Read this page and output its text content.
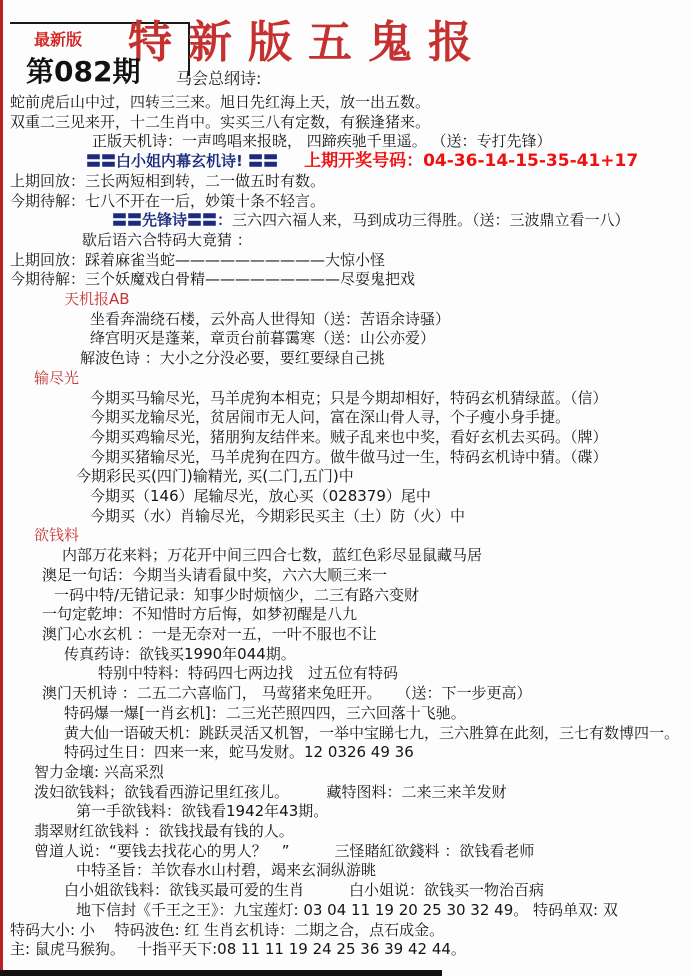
最新版 特新版五鬼报
第082期 马会总纲诗:
蛇前虎后山中过，四转三三来。旭日先红海上天，放一出五数。
双重二三见来开，十二生肖中。实买三八有定数，有猴逢猪来。
正版天机诗：一声鸣唱来报晓， 四蹄疾驰千里遥。 （送：专打先锋）
〓〓白小姐内幕玄机诗! 〓〓 上期开奖号码：04-36-14-15-35-41+17
上期回放：三长两短相到转，二一做五时有数。
今期待解：七八不开在一后，妙策十条不轻言。
〓〓先锋诗〓〓：三六四六福人来，马到成功三得胜。（送：三波鼎立看一八）
歇后语六合特码大竟猜 ：
上期回放：踩着麻雀当蛇——————————大惊小怪
今期待解：三个妖魔戏白骨精—————————尽耍鬼把戏
天机报AB
坐看奔湍绕石楼，云外高人世得知（送：苦语余诗骚）
绛宫明灭是蓬莱，章贡台前暮霭寒（送：山公亦爱）
解波色诗 ：大小之分没必要，要红要绿自己挑
输尽光
今期买马输尽光，马羊虎狗本相克；只是今期却相好，特码玄机猜绿蓝。（信）
今期买龙输尽光，贫居闹市无人问，富在深山骨人寻，个子瘦小身手捷。
今期买鸡输尽光，猪朋狗友结伴来。贼子乱来也中奖，看好玄机去买码。（牌）
今期买猪输尽光，马羊虎狗在四方。做牛做马过一生，特码玄机诗中猜。（碟）
今期彩民买(四门)输精光, 买(二门,五门)中
今期买（146）尾输尽光，放心买（028379）尾中
今期买（水）肖输尽光，今期彩民买主（土）防（火）中
欲钱料
内部万花来料；万花开中间三四合七数，蓝红色彩尽显鼠藏马居
澳足一句话：今期当头请看鼠中奖，六六大顺三来一
一码中特/无错记录：知事少时烦恼少，二三有路六变财
一句定乾坤：不知惜时方后悔，如梦初醒是八九
澳门心水玄机 ：一是无奈对一五，一叶不服也不让
传真药诗：欲钱买1990年044期。
特别中特料：特码四七两边找　过五位有特码
澳门天机诗 ：二五二六喜临门， 马莺猪来兔旺开。　　（送：下一步更高）
特码爆一爆[一肖玄机]：二三光芒照四四，三六回落十飞驰。
黄大仙一语破天机：跳跃灵活又机智，一举中宝睇七九，三六胜算在此刻，三七有数博四一。
特码过生日：四来一来，蛇马发财。12 0326 49 36
智力金壤: 兴高采烈
泼妇欲钱料；欲钱看西游记里红孩儿。　　　藏特图料：二来三来羊发财
第一手欲钱料：欲钱看1942年43期。
翡翠财红欲钱料 ：欲钱找最有钱的人。
曾道人说：“要钱去找花心的男人？　”　　　三怪賭紅欲錢料 ：欲钱看老师
中特圣旨：羊饮春水山村碧，竭来玄洞纵游眺
白小姐欲钱料：欲钱买最可爱的生肖　　　白小姐说：欲钱买一物治百病
地下信封《千王之王》：九宝莲灯: 03 04 11 19 20 25 30 32 49。 特码单双: 双
特码大小: 小　 特码波色: 红 生肖玄机诗：二期之合，点石成金。
主: 鼠虎马猴狗。　 十指平天下:08 11 11 19 24 25 36 39 42 44。
